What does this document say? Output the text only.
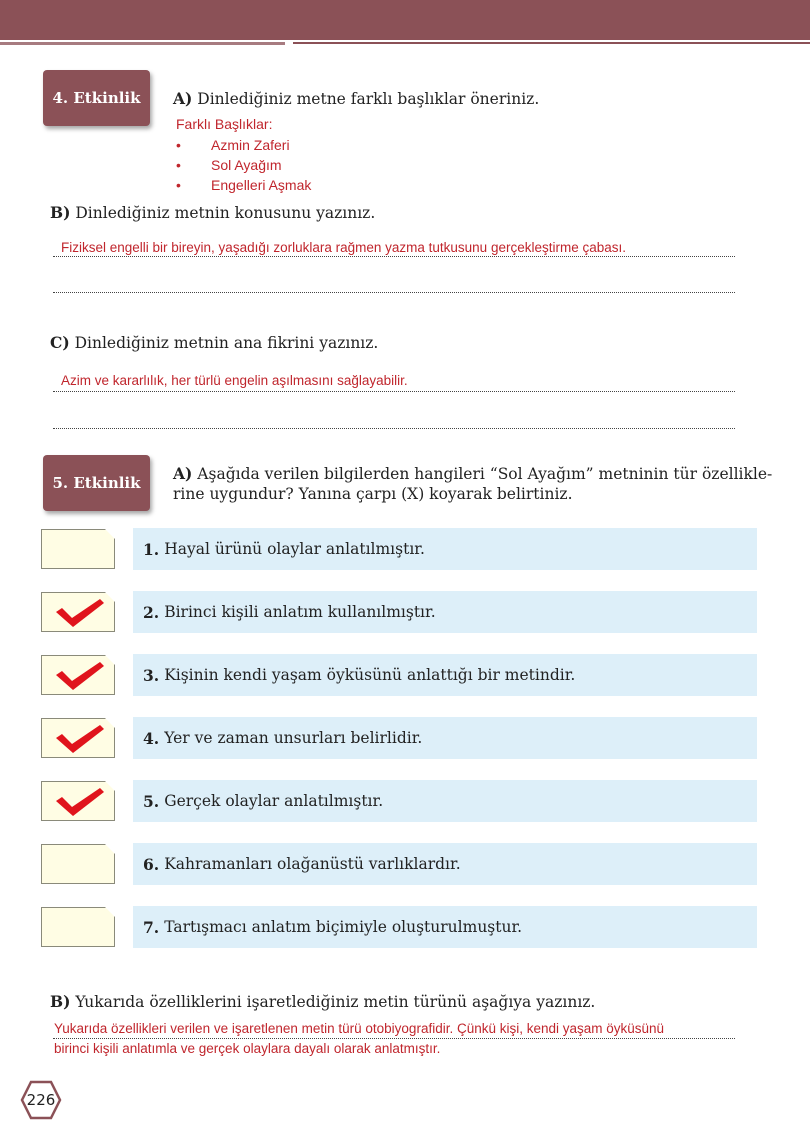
4. Etkinlik	A) Dinlediğiniz metne farklı başlıklar öneriniz.
Farklı Başlıklar:
• Azmin Zaferi
• Sol Ayağım
• Engelleri Aşmak
B) Dinlediğiniz metnin konusunu yazınız.
Fiziksel engelli bir bireyin, yaşadığı zorluklara rağmen yazma tutkusunu gerçekleştirme çabası.
C) Dinlediğiniz metnin ana fikrini yazınız.
Azim ve kararlılık, her türlü engelin aşılmasını sağlayabilir.
5. Etkinlik	A) Aşağıda verilen bilgilerden hangileri “Sol Ayağım” metninin tür özellikle-
rine uygundur? Yanına çarpı (X) koyarak belirtiniz.
1. Hayal ürünü olaylar anlatılmıştır.
2. Birinci kişili anlatım kullanılmıştır.
3. Kişinin kendi yaşam öyküsünü anlattığı bir metindir.
4. Yer ve zaman unsurları belirlidir.
5. Gerçek olaylar anlatılmıştır.
6. Kahramanları olağanüstü varlıklardır.
7. Tartışmacı anlatım biçimiyle oluşturulmuştur.
B) Yukarıda özelliklerini işaretlediğiniz metin türünü aşağıya yazınız.
Yukarıda özellikleri verilen ve işaretlenen metin türü otobiyografidir. Çünkü kişi, kendi yaşam öyküsünü
birinci kişili anlatımla ve gerçek olaylara dayalı olarak anlatmıştır.
226
